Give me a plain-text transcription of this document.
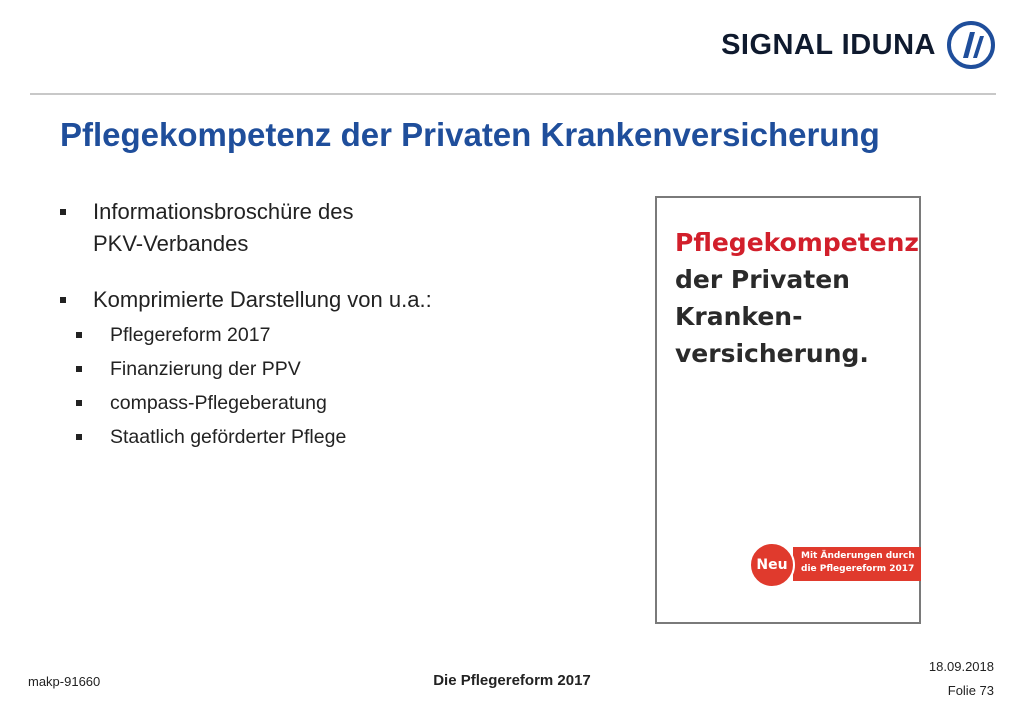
SIGNAL IDUNA
Pflegekompetenz der Privaten Krankenversicherung
Informationsbroschüre des
PKV-Verbandes
Komprimierte Darstellung von u.a.:
Pflegereform 2017
Finanzierung der PPV
compass-Pflegeberatung
Staatlich geförderter Pflege
Pflegekompetenz
der Privaten
Kranken-
versicherung.
Mit Änderungen durch
die Pflegereform 2017
Neu
makp-91660	Die Pflegereform 2017
18.09.2018
Folie 73
